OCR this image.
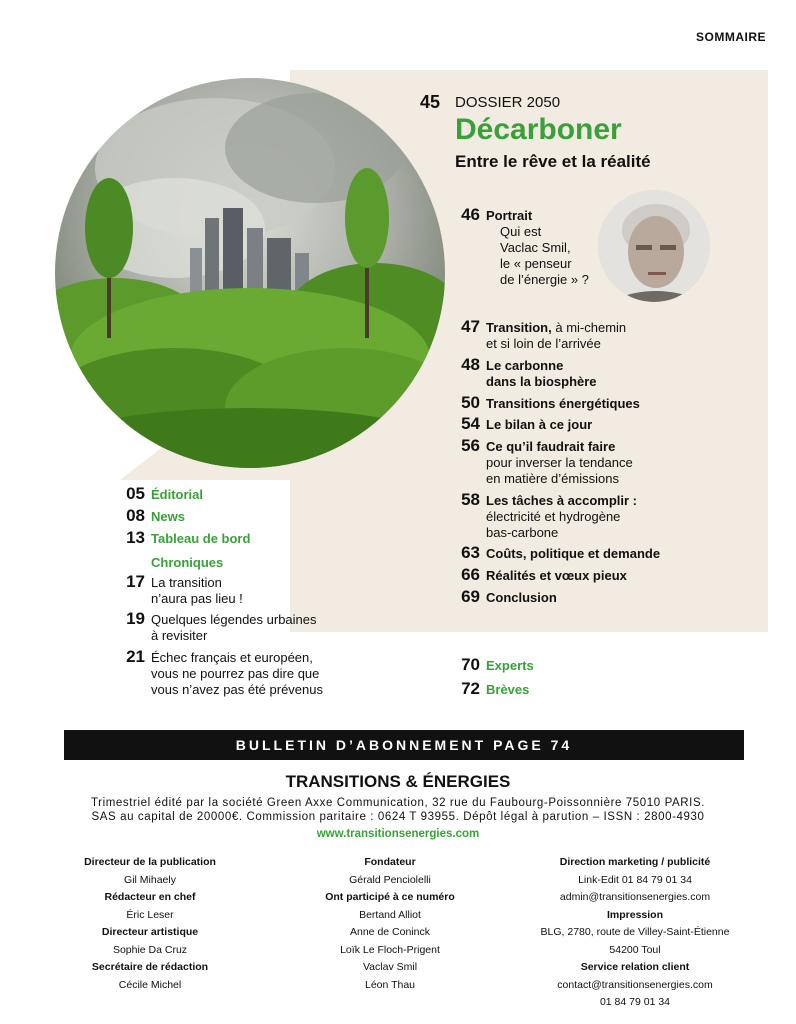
SOMMAIRE
45 DOSSIER 2050
Décarboner
Entre le rêve et la réalité
46 Portrait
Qui est
Vaclac Smil,
le « penseur
de l’énergie » ?
47 Transition, à mi-chemin
et si loin de l’arrivée
48 Le carbonne
dans la biosphère
50 Transitions énergétiques
54 Le bilan à ce jour
56 Ce qu’il faudrait faire
pour inverser la tendance
en matière d’émissions
58 Les tâches à accomplir :
électricité et hydrogène
bas-carbone
63 Coûts, politique et demande
66 Réalités et vœux pieux
69 Conclusion
05 Éditorial
08 News
13 Tableau de bord
Chroniques
17 La transition
n’aura pas lieu !
19 Quelques légendes urbaines
à revisiter
21 Échec français et européen,
vous ne pourrez pas dire que
vous n’avez pas été prévenus
70 Experts
72 Brèves
BULLETIN D’ABONNEMENT PAGE 74
TRANSITIONS & ÉNERGIES
Trimestriel édité par la société Green Axxe Communication, 32 rue du Faubourg-Poissonnière 75010 PARIS.
SAS au capital de 20000€. Commission paritaire : 0624 T 93955. Dépôt légal à parution – ISSN : 2800-4930
www.transitionsenergies.com
Directeur de la publication
Gil Mihaely
Rédacteur en chef
Éric Leser
Directeur artistique
Sophie Da Cruz
Secrétaire de rédaction
Cécile Michel
Fondateur
Gérald Penciolelli
Ont participé à ce numéro
Bertand Alliot
Anne de Coninck
Loïk Le Floch-Prigent
Vaclav Smil
Léon Thau
Direction marketing / publicité
Link-Edit 01 84 79 01 34
admin@transitionsenergies.com
Impression
BLG, 2780, route de Villey-Saint-Étienne
54200 Toul
Service relation client
contact@transitionsenergies.com
01 84 79 01 34
